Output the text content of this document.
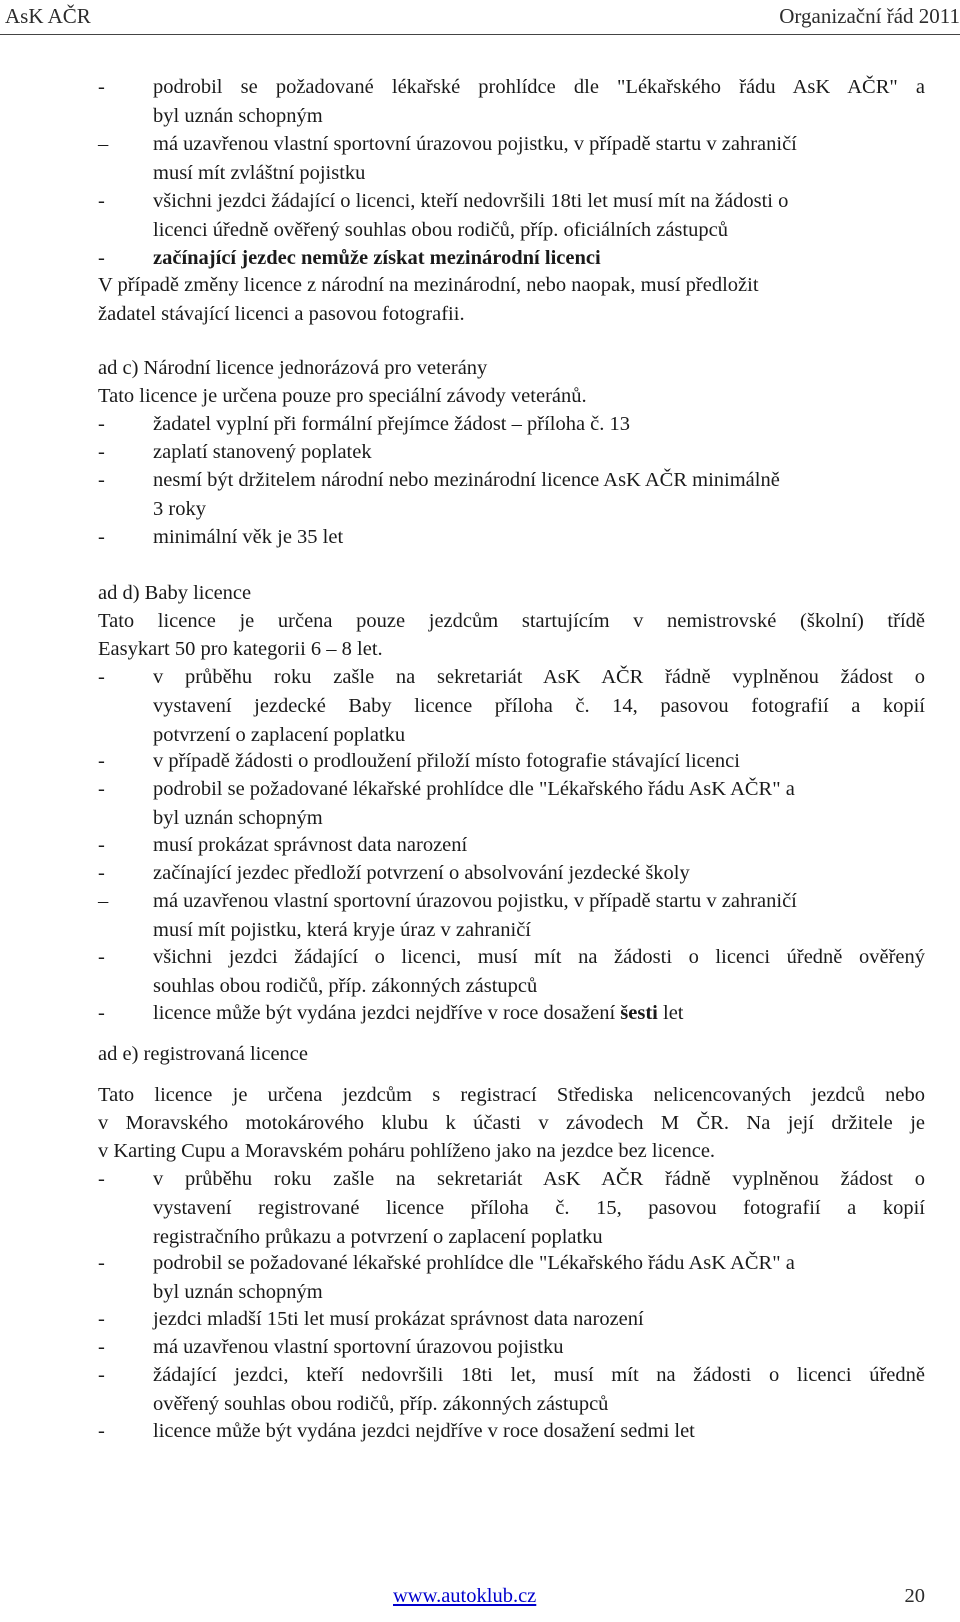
AsK AČR	Organizační řád 2011
-	podrobil se požadované lékařské prohlídce dle "Lékařského řádu AsK AČR" a
byl uznán schopným
–	má uzavřenou vlastní sportovní úrazovou pojistku, v případě startu v zahraničí
musí mít zvláštní pojistku
-	všichni jezdci žádající o licenci, kteří nedovršili 18ti let musí mít na žádosti o
licenci úředně ověřený souhlas obou rodičů, příp. oficiálních zástupců
-	začínající jezdec nemůže získat mezinárodní licenci
V případě změny licence z národní na mezinárodní, nebo naopak, musí předložit
žadatel stávající licenci a pasovou fotografii.
ad c) Národní licence jednorázová pro veterány
Tato licence je určena pouze pro speciální závody veteránů.
-	žadatel vyplní při formální přejímce žádost – příloha č. 13
-	zaplatí stanovený poplatek
-	nesmí být držitelem národní nebo mezinárodní licence AsK AČR minimálně
3 roky
-	minimální věk je 35 let
ad d) Baby licence
Tato licence je určena pouze jezdcům startujícím v nemistrovské (školní) třídě
Easykart 50 pro kategorii 6 – 8 let.
-	v průběhu roku zašle na sekretariát AsK AČR řádně vyplněnou žádost o
vystavení jezdecké Baby licence příloha č. 14, pasovou fotografií a kopií
potvrzení o zaplacení poplatku
-	v případě žádosti o prodloužení přiloží místo fotografie stávající licenci
-	podrobil se požadované lékařské prohlídce dle "Lékařského řádu AsK AČR" a
byl uznán schopným
-	musí prokázat správnost data narození
-	začínající jezdec předloží potvrzení o absolvování jezdecké školy
–	má uzavřenou vlastní sportovní úrazovou pojistku, v případě startu v zahraničí
musí mít pojistku, která kryje úraz v zahraničí
-	všichni jezdci žádající o licenci, musí mít na žádosti o licenci úředně ověřený
souhlas obou rodičů, příp. zákonných zástupců
-	licence může být vydána jezdci nejdříve v roce dosažení šesti let
ad e) registrovaná licence
Tato licence je určena jezdcům s registrací Střediska nelicencovaných jezdců nebo
v Moravského motokárového klubu k účasti v závodech M ČR. Na její držitele je
v Karting Cupu a Moravském poháru pohlíženo jako na jezdce bez licence.
-	v průběhu roku zašle na sekretariát AsK AČR řádně vyplněnou žádost o
vystavení registrované licence příloha č. 15, pasovou fotografií a kopií
registračního průkazu a potvrzení o zaplacení poplatku
-	podrobil se požadované lékařské prohlídce dle "Lékařského řádu AsK AČR" a
byl uznán schopným
-	jezdci mladší 15ti let musí prokázat správnost data narození
-	má uzavřenou vlastní sportovní úrazovou pojistku
-	žádající jezdci, kteří nedovršili 18ti let, musí mít na žádosti o licenci úředně
ověřený souhlas obou rodičů, příp. zákonných zástupců
-	licence může být vydána jezdci nejdříve v roce dosažení sedmi let
www.autoklub.cz	20
